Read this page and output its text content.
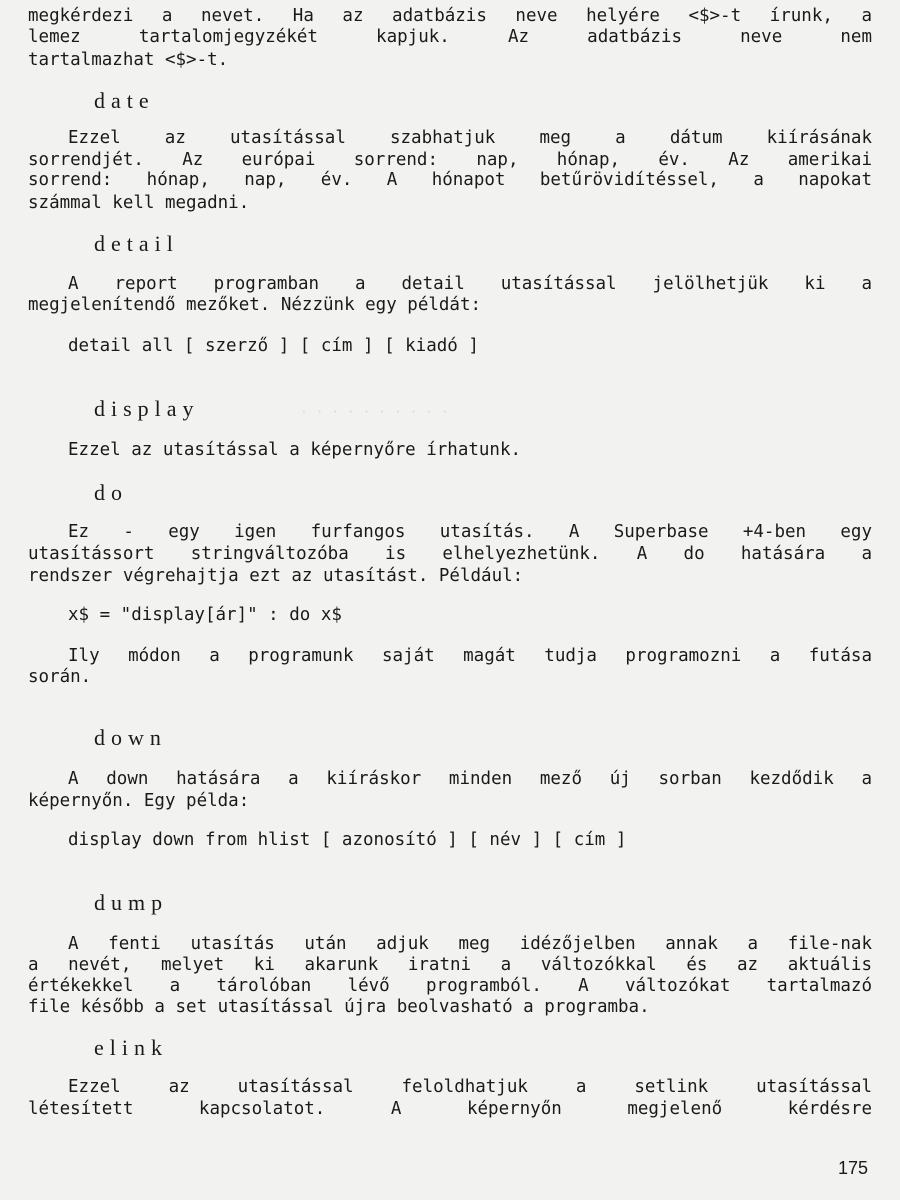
· · · · · · · · · ·
megkérdezi a nevet. Ha az adatbázis neve helyére <$>-t írunk, a
lemez tartalomjegyzékét kapjuk. Az adatbázis neve nem
tartalmazhat <$>-t.
date
Ezzel az utasítással szabhatjuk meg a dátum kiírásának
sorrendjét. Az európai sorrend: nap, hónap, év. Az amerikai
sorrend: hónap, nap, év. A hónapot betűrövidítéssel, a napokat
számmal kell megadni.
detail
A report programban a detail utasítással jelölhetjük ki a
megjelenítendő mezőket. Nézzünk egy példát:
detail all [ szerző ] [ cím ] [ kiadó ]
display
Ezzel az utasítással a képernyőre írhatunk.
do
Ez - egy igen furfangos utasítás. A Superbase +4-ben egy
utasítássort stringváltozóba is elhelyezhetünk. A do hatására a
rendszer végrehajtja ezt az utasítást. Például:
x$ = "display[ár]" : do x$
Ily módon a programunk saját magát tudja programozni a futása
során.
down
A down hatására a kiíráskor minden mező új sorban kezdődik a
képernyőn. Egy példa:
display down from hlist [ azonosító ] [ név ] [ cím ]
dump
A fenti utasítás után adjuk meg idézőjelben annak a file-nak
a nevét, melyet ki akarunk iratni a változókkal és az aktuális
értékekkel a tárolóban lévő programból. A változókat tartalmazó
file később a set utasítással újra beolvasható a programba.
elink
Ezzel az utasítással feloldhatjuk a setlink utasítással
létesített kapcsolatot. A képernyőn megjelenő kérdésre
175
